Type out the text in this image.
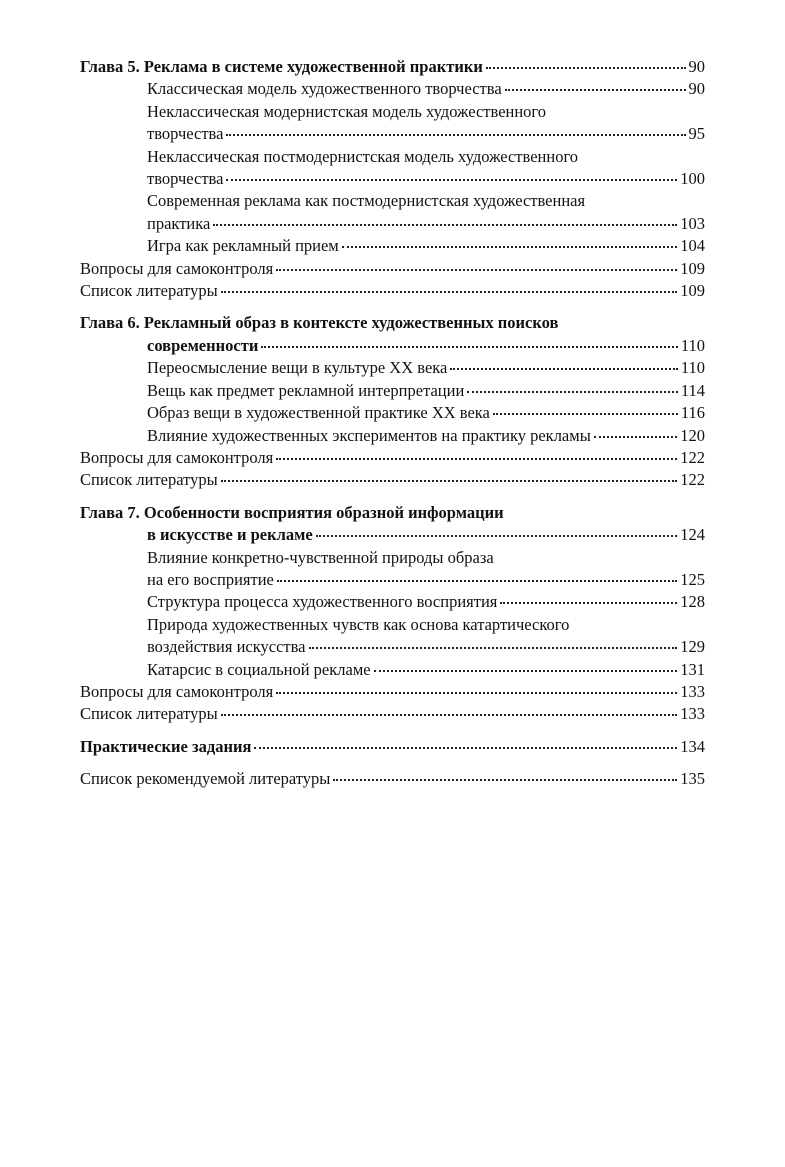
Глава 5. Реклама в системе художественной практики	90
Классическая модель художественного творчества	90
Неклассическая модернистская модель художественного
творчества	95
Неклассическая постмодернистская модель художественного
творчества	100
Современная реклама как постмодернистская художественная
практика	103
Игра как рекламный прием	104
Вопросы для самоконтроля	109
Список литературы	109
Глава 6. Рекламный образ в контексте художественных поисков
современности	110
Переосмысление вещи в культуре XX века	110
Вещь как предмет рекламной интерпретации	114
Образ вещи в художественной практике XX века	116
Влияние художественных экспериментов на практику рекламы	120
Вопросы для самоконтроля	122
Список литературы	122
Глава 7. Особенности восприятия образной информации
в искусстве и рекламе	124
Влияние конкретно-чувственной природы образа
на его восприятие	125
Структура процесса художественного восприятия	128
Природа художественных чувств как основа катартического
воздействия искусства	129
Катарсис в социальной рекламе	131
Вопросы для самоконтроля	133
Список литературы	133
Практические задания	134
Список рекомендуемой литературы	135
